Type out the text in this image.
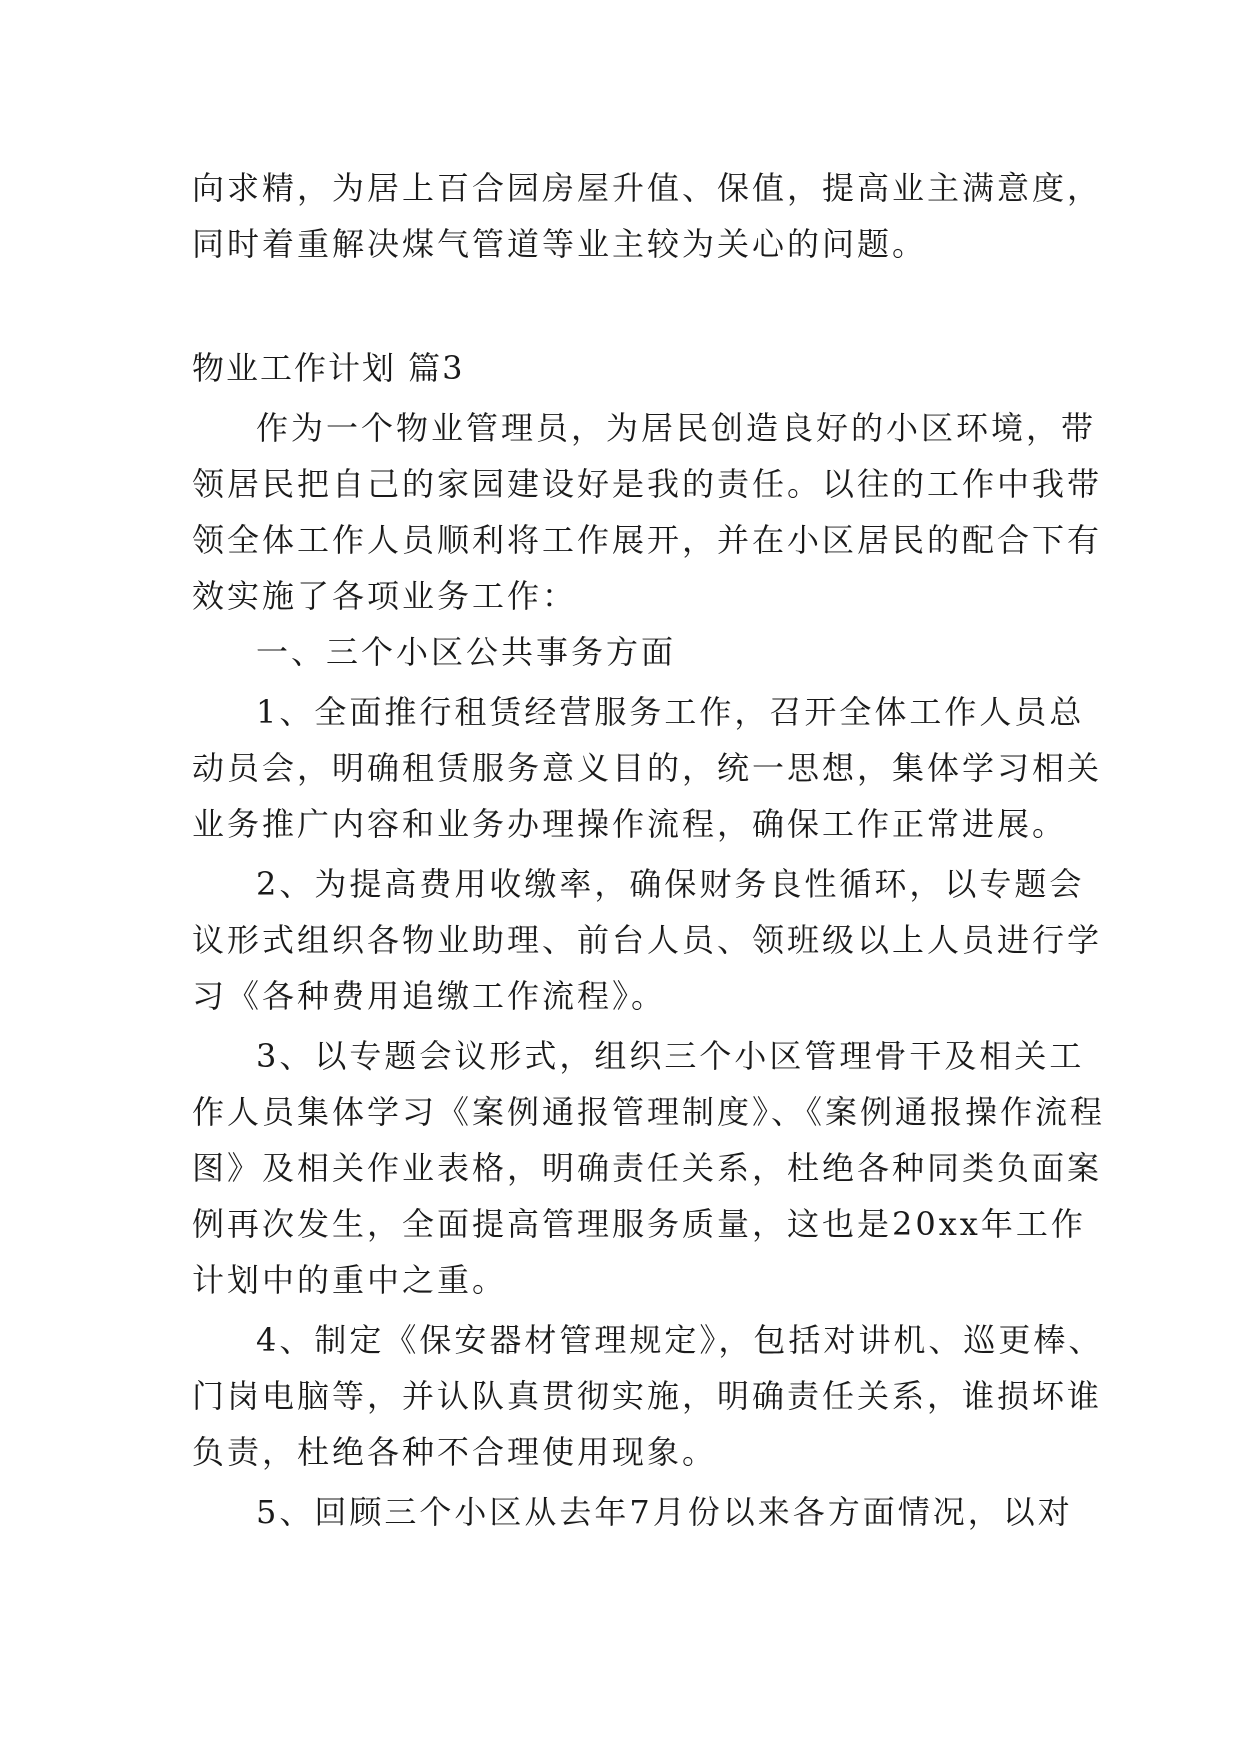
向求精，为居上百合园房屋升值、保值，提高业主满意度，
同时着重解决煤气管道等业主较为关心的问题。
物业工作计划 篇3
作为一个物业管理员，为居民创造良好的小区环境，带
领居民把自己的家园建设好是我的责任。以往的工作中我带
领全体工作人员顺利将工作展开，并在小区居民的配合下有
效实施了各项业务工作：
一、三个小区公共事务方面
1、全面推行租赁经营服务工作，召开全体工作人员总
动员会，明确租赁服务意义目的，统一思想，集体学习相关
业务推广内容和业务办理操作流程，确保工作正常进展。
2、为提高费用收缴率，确保财务良性循环，以专题会
议形式组织各物业助理、前台人员、领班级以上人员进行学
习《各种费用追缴工作流程》。
3、以专题会议形式，组织三个小区管理骨干及相关工
作人员集体学习《案例通报管理制度》、《案例通报操作流程
图》及相关作业表格，明确责任关系，杜绝各种同类负面案
例再次发生，全面提高管理服务质量，这也是20xx年工作
计划中的重中之重。
4、制定《保安器材管理规定》，包括对讲机、巡更棒、
门岗电脑等，并认队真贯彻实施，明确责任关系，谁损坏谁
负责，杜绝各种不合理使用现象。
5、回顾三个小区从去年7月份以来各方面情况，以对
